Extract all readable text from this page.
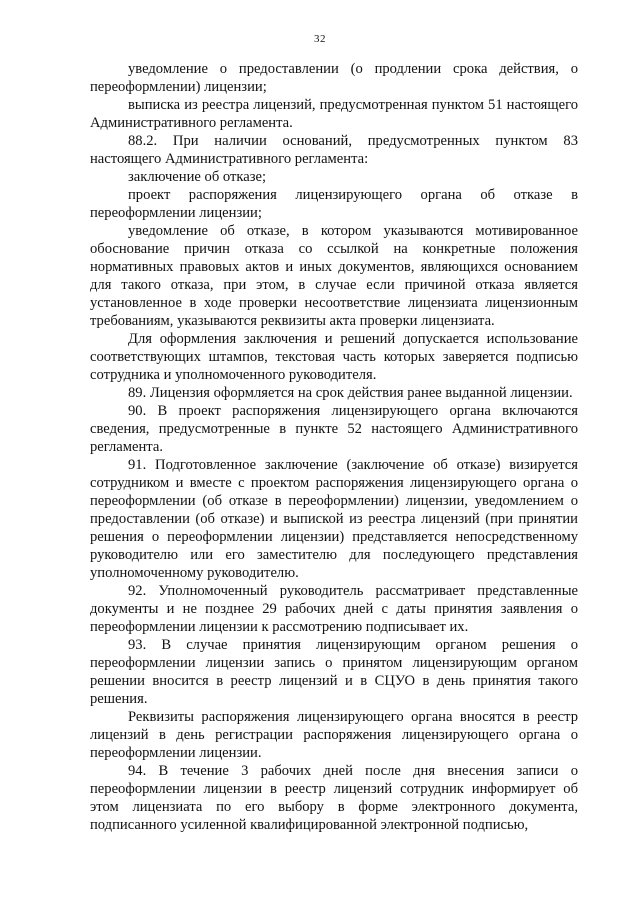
32

уведомление о предоставлении (о продлении срока действия, о переоформлении) лицензии;

выписка из реестра лицензий, предусмотренная пунктом 51 настоящего Административного регламента.

88.2. При наличии оснований, предусмотренных пунктом 83 настоящего Административного регламента:

заключение об отказе;

проект распоряжения лицензирующего органа об отказе в переоформлении лицензии;

уведомление об отказе, в котором указываются мотивированное обоснование причин отказа со ссылкой на конкретные положения нормативных правовых актов и иных документов, являющихся основанием для такого отказа, при этом, в случае если причиной отказа является установленное в ходе проверки несоответствие лицензиата лицензионным требованиям, указываются реквизиты акта проверки лицензиата.

Для оформления заключения и решений допускается использование соответствующих штампов, текстовая часть которых заверяется подписью сотрудника и уполномоченного руководителя.

89. Лицензия оформляется на срок действия ранее выданной лицензии.

90. В проект распоряжения лицензирующего органа включаются сведения, предусмотренные в пункте 52 настоящего Административного регламента.

91. Подготовленное заключение (заключение об отказе) визируется сотрудником и вместе с проектом распоряжения лицензирующего органа о переоформлении (об отказе в переоформлении) лицензии, уведомлением о предоставлении (об отказе) и выпиской из реестра лицензий (при принятии решения о переоформлении лицензии) представляется непосредственному руководителю или его заместителю для последующего представления уполномоченному руководителю.

92. Уполномоченный руководитель рассматривает представленные документы и не позднее 29 рабочих дней с даты принятия заявления о переоформлении лицензии к рассмотрению подписывает их.

93. В случае принятия лицензирующим органом решения о переоформлении лицензии запись о принятом лицензирующим органом решении вносится в реестр лицензий и в СЦУО в день принятия такого решения.

Реквизиты распоряжения лицензирующего органа вносятся в реестр лицензий в день регистрации распоряжения лицензирующего органа о переоформлении лицензии.

94. В течение 3 рабочих дней после дня внесения записи о переоформлении лицензии в реестр лицензий сотрудник информирует об этом лицензиата по его выбору в форме электронного документа, подписанного усиленной квалифицированной электронной подписью,
